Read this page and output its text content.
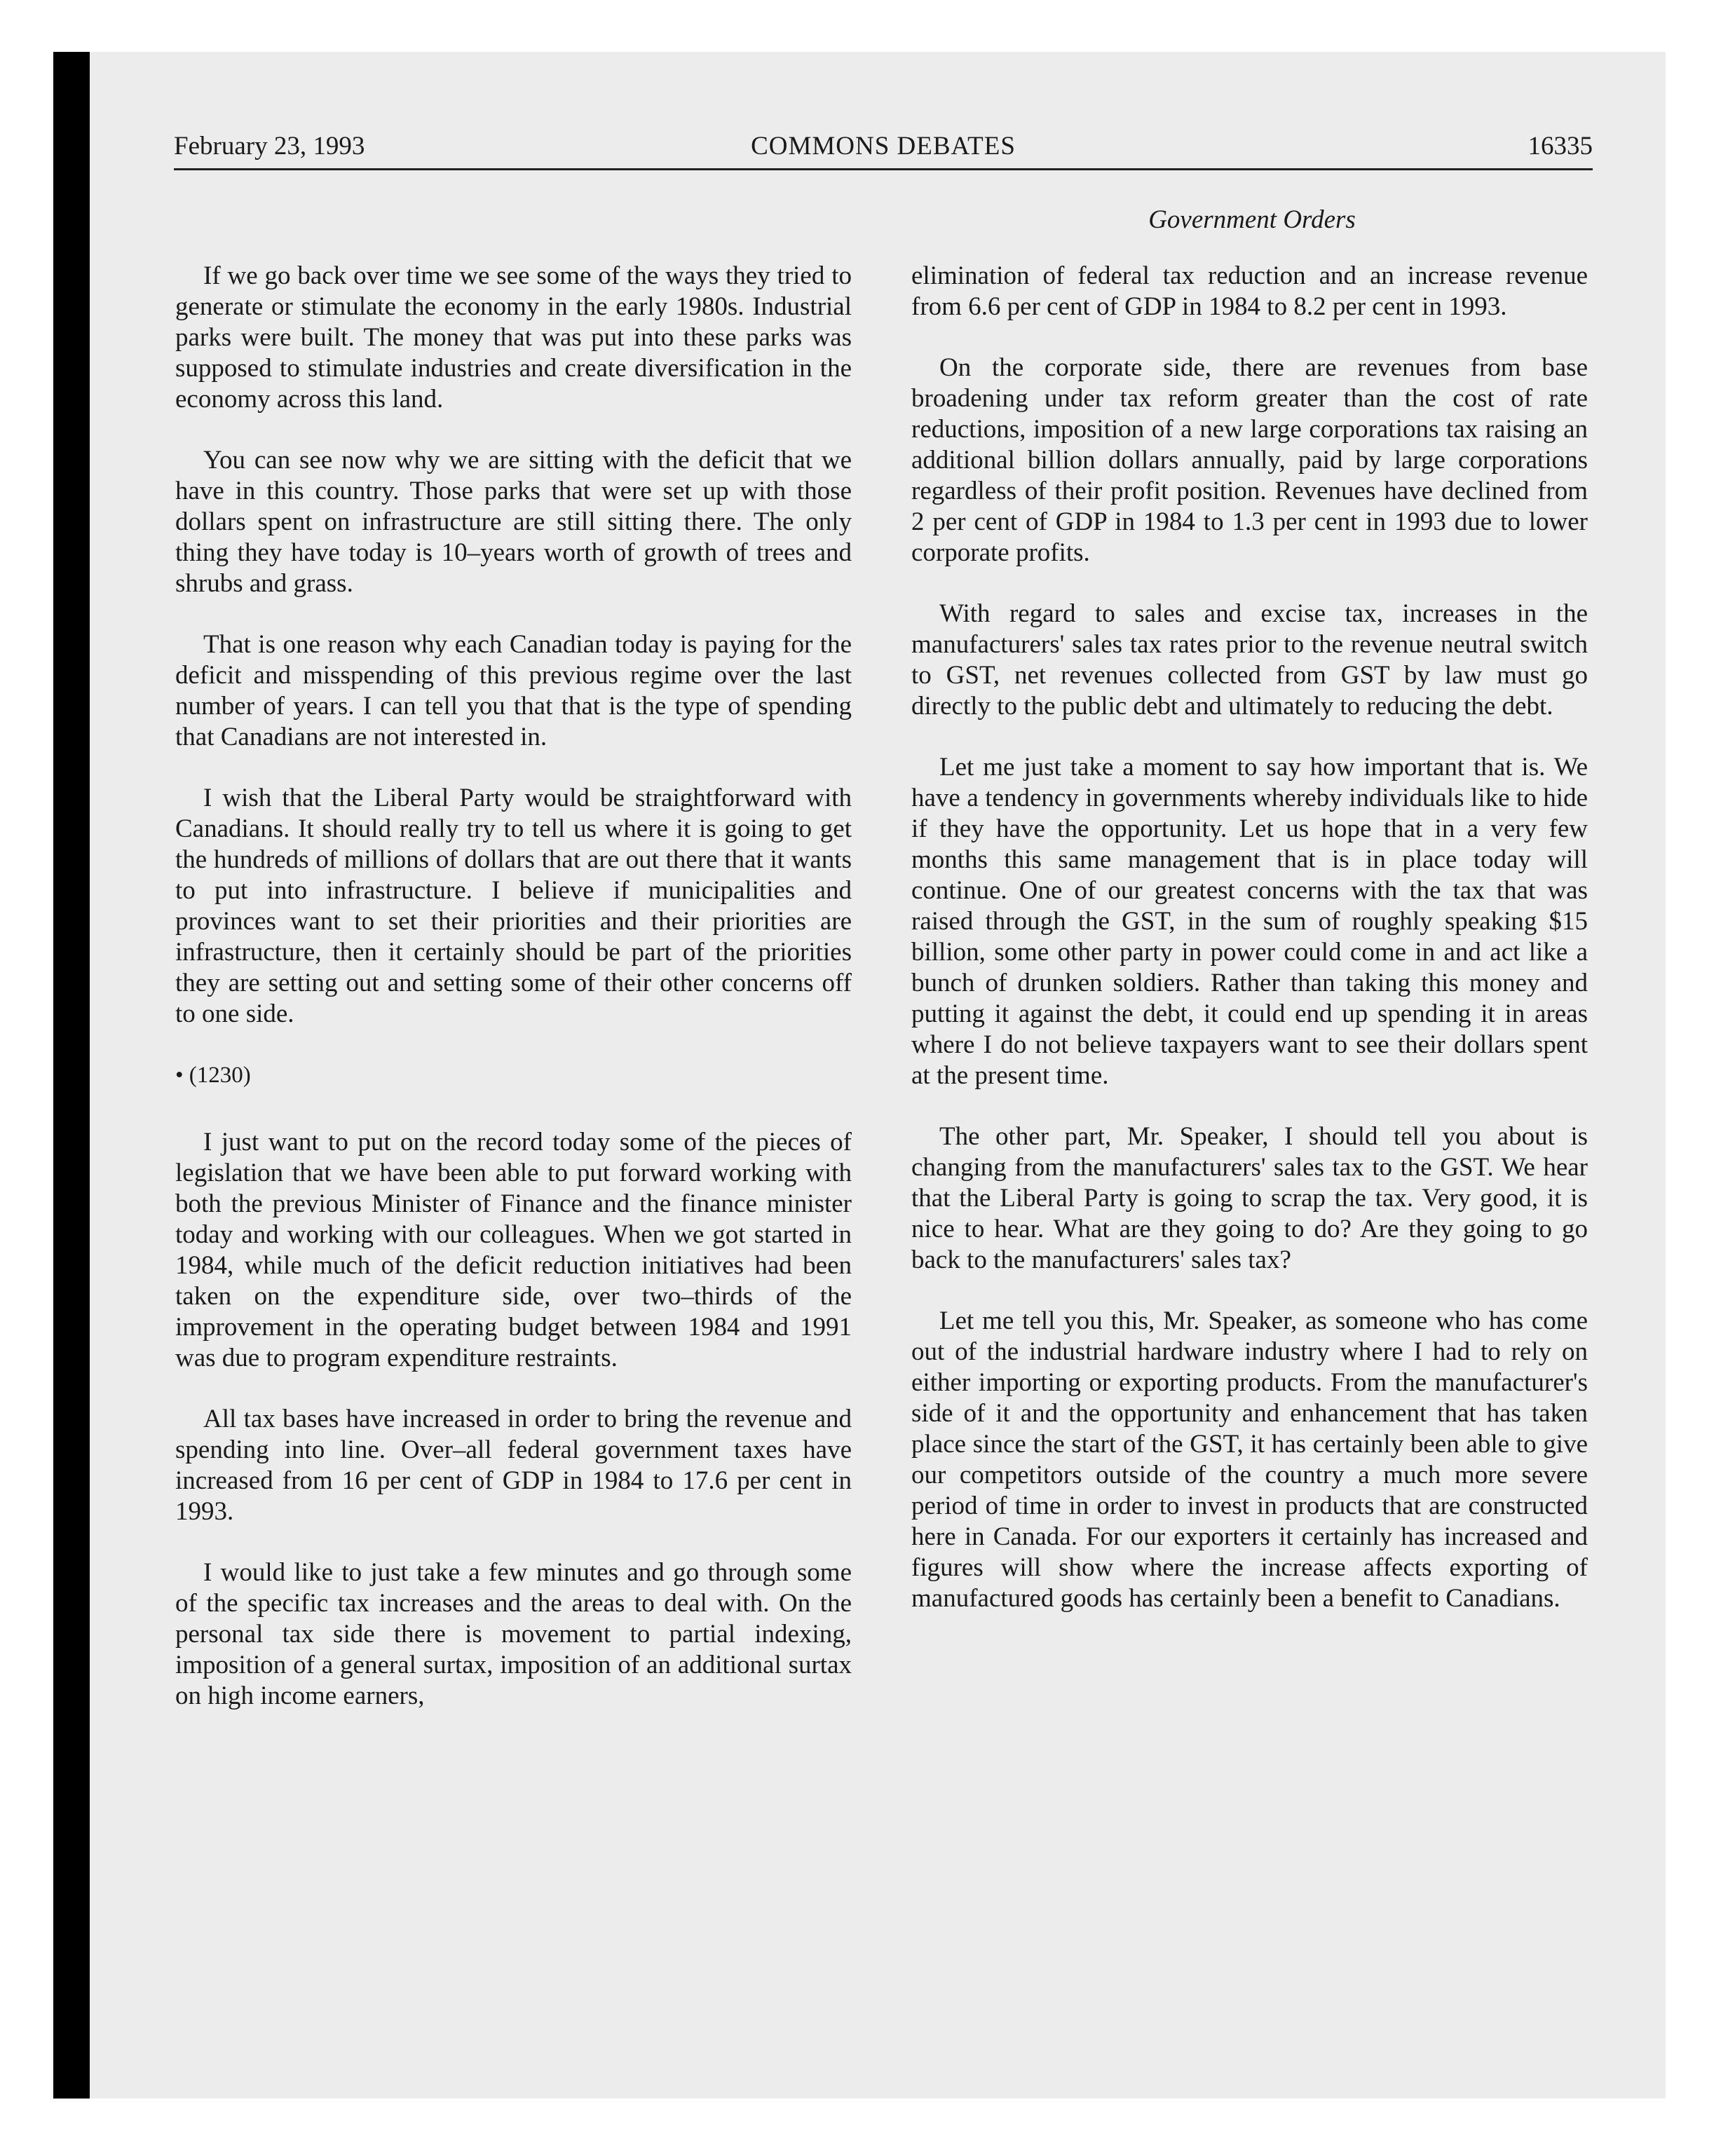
February 23, 1993	COMMONS DEBATES	16335
Government Orders

If we go back over time we see some of the ways they tried to generate or stimulate the economy in the early 1980s. Industrial parks were built. The money that was put into these parks was supposed to stimulate industries and create diversification in the economy across this land.

You can see now why we are sitting with the deficit that we have in this country. Those parks that were set up with those dollars spent on infrastructure are still sitting there. The only thing they have today is 10–years worth of growth of trees and shrubs and grass.

That is one reason why each Canadian today is paying for the deficit and misspending of this previous regime over the last number of years. I can tell you that that is the type of spending that Canadians are not interested in.

I wish that the Liberal Party would be straightforward with Canadians. It should really try to tell us where it is going to get the hundreds of millions of dollars that are out there that it wants to put into infrastructure. I believe if municipalities and provinces want to set their priorities and their priorities are infrastructure, then it certainly should be part of the priorities they are setting out and setting some of their other concerns off to one side.

• (1230)

I just want to put on the record today some of the pieces of legislation that we have been able to put forward working with both the previous Minister of Finance and the finance minister today and working with our colleagues. When we got started in 1984, while much of the deficit reduction initiatives had been taken on the expenditure side, over two–thirds of the improvement in the operating budget between 1984 and 1991 was due to program expenditure restraints.

All tax bases have increased in order to bring the revenue and spending into line. Over–all federal government taxes have increased from 16 per cent of GDP in 1984 to 17.6 per cent in 1993.

I would like to just take a few minutes and go through some of the specific tax increases and the areas to deal with. On the personal tax side there is movement to partial indexing, imposition of a general surtax, imposition of an additional surtax on high income earners,

elimination of federal tax reduction and an increase revenue from 6.6 per cent of GDP in 1984 to 8.2 per cent in 1993.

On the corporate side, there are revenues from base broadening under tax reform greater than the cost of rate reductions, imposition of a new large corporations tax raising an additional billion dollars annually, paid by large corporations regardless of their profit position. Revenues have declined from 2 per cent of GDP in 1984 to 1.3 per cent in 1993 due to lower corporate profits.

With regard to sales and excise tax, increases in the manufacturers' sales tax rates prior to the revenue neutral switch to GST, net revenues collected from GST by law must go directly to the public debt and ultimately to reducing the debt.

Let me just take a moment to say how important that is. We have a tendency in governments whereby individuals like to hide if they have the opportunity. Let us hope that in a very few months this same management that is in place today will continue. One of our greatest concerns with the tax that was raised through the GST, in the sum of roughly speaking $15 billion, some other party in power could come in and act like a bunch of drunken soldiers. Rather than taking this money and putting it against the debt, it could end up spending it in areas where I do not believe taxpayers want to see their dollars spent at the present time.

The other part, Mr. Speaker, I should tell you about is changing from the manufacturers' sales tax to the GST. We hear that the Liberal Party is going to scrap the tax. Very good, it is nice to hear. What are they going to do? Are they going to go back to the manufacturers' sales tax?

Let me tell you this, Mr. Speaker, as someone who has come out of the industrial hardware industry where I had to rely on either importing or exporting products. From the manufacturer's side of it and the opportunity and enhancement that has taken place since the start of the GST, it has certainly been able to give our competitors outside of the country a much more severe period of time in order to invest in products that are constructed here in Canada. For our exporters it certainly has increased and figures will show where the increase affects exporting of manufactured goods has certainly been a benefit to Canadians.
